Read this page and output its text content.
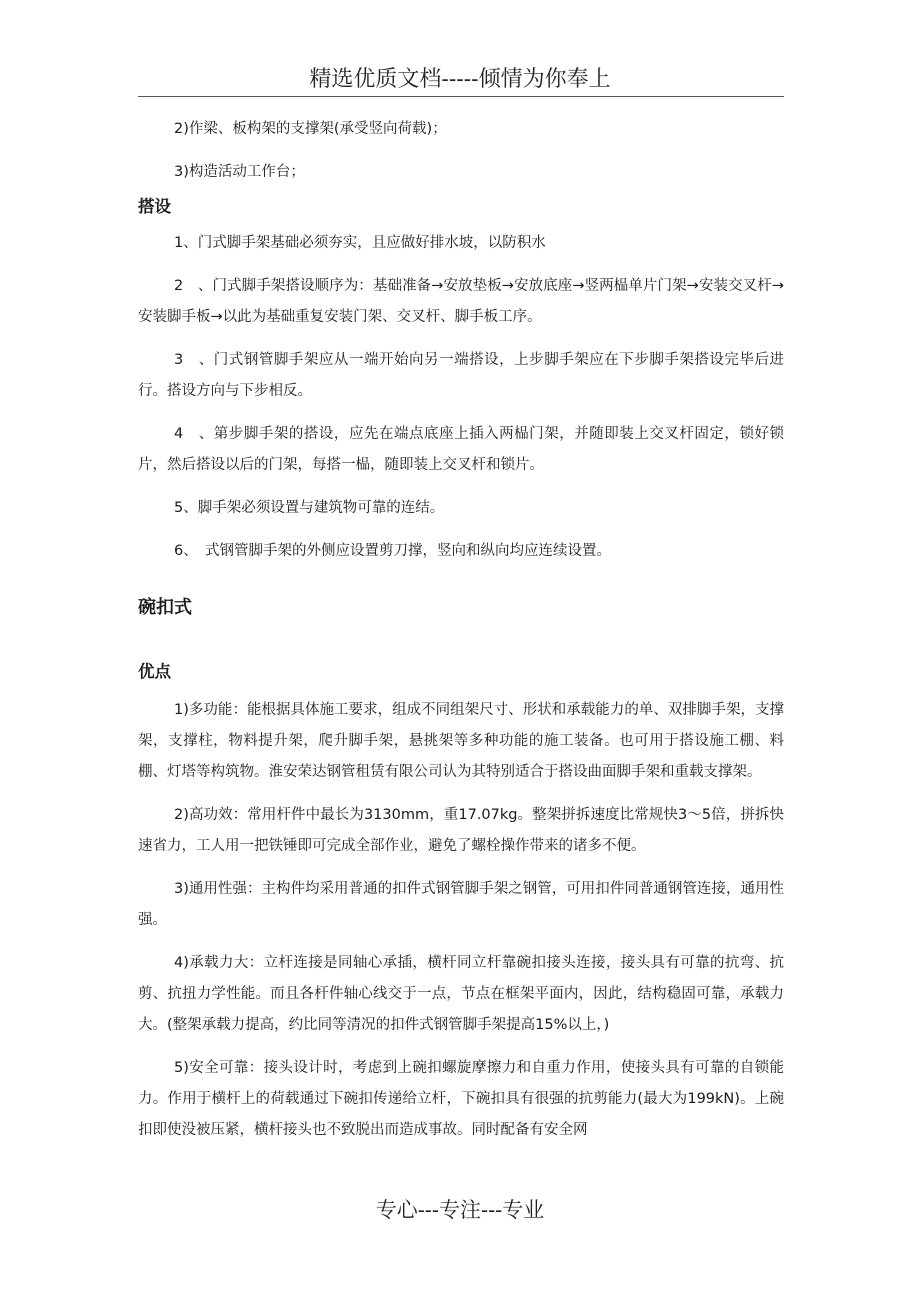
精选优质文档-----倾情为你奉上

2)作梁、板构架的支撑架(承受竖向荷载)；

3)构造活动工作台；

搭设

1、门式脚手架基础必须夯实，且应做好排水坡，以防积水

2　、门式脚手架搭设顺序为：基础准备→安放垫板→安放底座→竖两榀单片门架→安装交叉杆→安装脚手板→以此为基础重复安装门架、交叉杆、脚手板工序。

3　、门式钢管脚手架应从一端开始向另一端搭设，上步脚手架应在下步脚手架搭设完毕后进行。搭设方向与下步相反。

4　、第步脚手架的搭设，应先在端点底座上插入两榀门架，并随即装上交叉杆固定，锁好锁片，然后搭设以后的门架，每搭一榀，随即装上交叉杆和锁片。

5、脚手架必须设置与建筑物可靠的连结。

6、　式钢管脚手架的外侧应设置剪刀撑，竖向和纵向均应连续设置。

碗扣式
优点

1)多功能：能根据具体施工要求，组成不同组架尺寸、形状和承载能力的单、双排脚手架，支撑架，支撑柱，物料提升架，爬升脚手架，悬挑架等多种功能的施工装备。也可用于搭设施工棚、料棚、灯塔等构筑物。淮安荣达钢管租赁有限公司认为其特别适合于搭设曲面脚手架和重载支撑架。

2)高功效：常用杆件中最长为3130mm，重17.07kg。整架拼拆速度比常规快3～5倍，拼拆快速省力，工人用一把铁锤即可完成全部作业，避免了螺栓操作带来的诸多不便。

3)通用性强：主构件均采用普通的扣件式钢管脚手架之钢管，可用扣件同普通钢管连接，通用性强。

4)承载力大：立杆连接是同轴心承插，横杆同立杆靠碗扣接头连接，接头具有可靠的抗弯、抗剪、抗扭力学性能。而且各杆件轴心线交于一点，节点在框架平面内，因此，结构稳固可靠，承载力大。(整架承载力提高，约比同等清况的扣件式钢管脚手架提高15%以上，)

5)安全可靠：接头设计时，考虑到上碗扣螺旋摩擦力和自重力作用，使接头具有可靠的自锁能力。作用于横杆上的荷载通过下碗扣传递给立杆，下碗扣具有很强的抗剪能力(最大为199kN)。上碗扣即使没被压紧，横杆接头也不致脱出而造成事故。同时配备有安全网

专心---专注---专业
